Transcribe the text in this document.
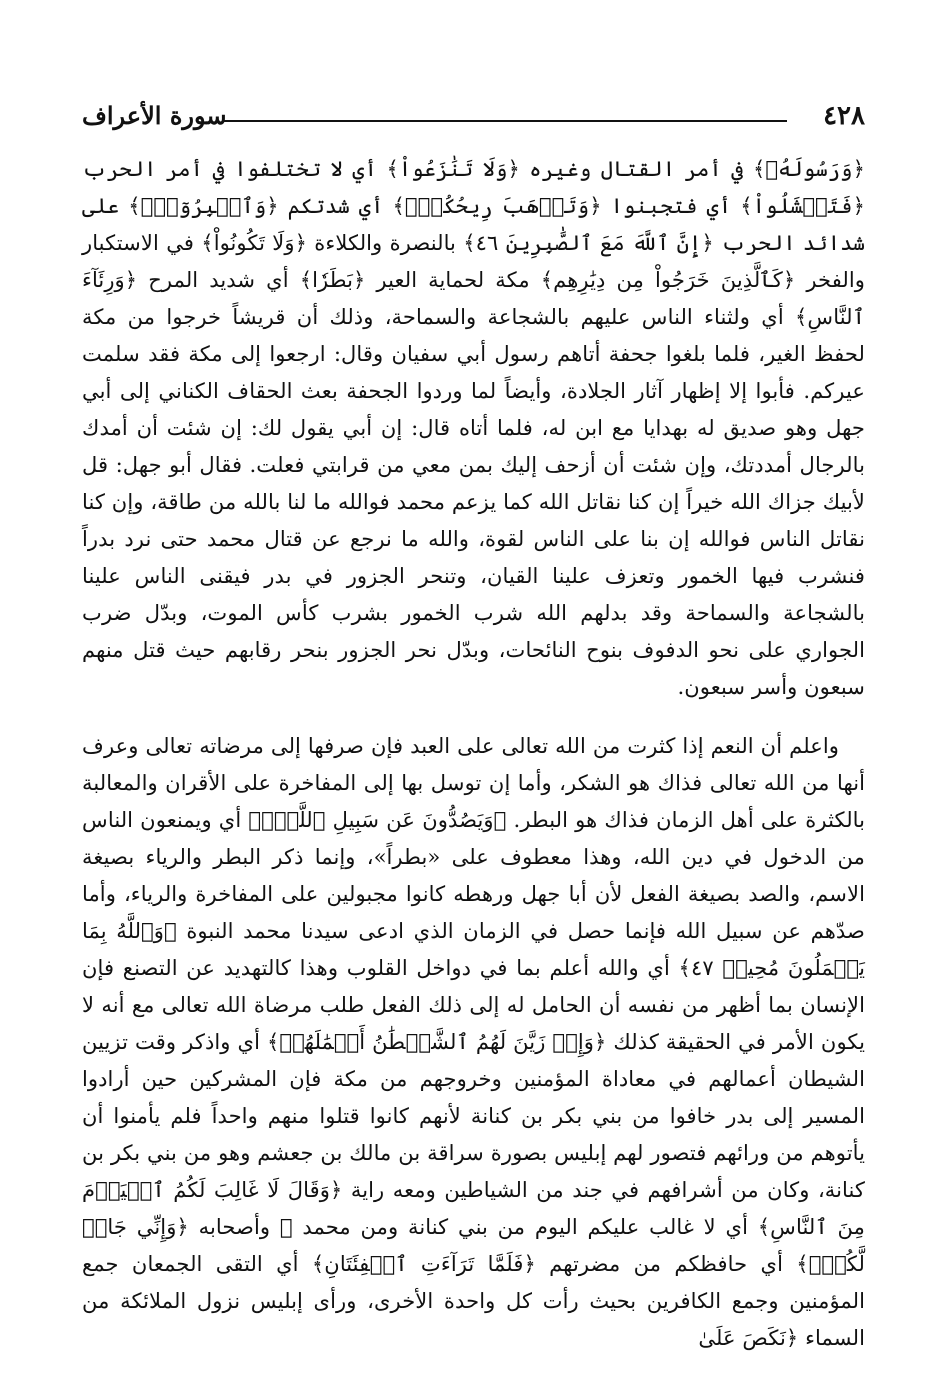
٤٢٨
سورة الأعراف

﴿وَرَسُولَهُۥ﴾ في أمر القتال وغيره ﴿وَلَا تَنَٰزَعُواْ﴾ أي لا تختلفوا في أمر الحرب ﴿فَتَفۡشَلُواْ﴾ أي فتجبنوا ﴿وَتَذۡهَبَ رِيحُكُمۡۖ﴾ أي شدتكم ﴿وَٱصۡبِرُوٓاْۚ﴾ على شدائد الحرب ﴿إِنَّ ٱللَّهَ مَعَ ٱلصَّٰبِرِينَ ٤٦﴾ بالنصرة والكلاءة ﴿وَلَا تَكُونُواْ﴾ في الاستكبار والفخر ﴿كَٱلَّذِينَ خَرَجُواْ مِن دِيَٰرِهِم﴾ مكة لحماية العير ﴿بَطَرٗا﴾ أي شديد المرح ﴿وَرِئَآءَ ٱلنَّاسِ﴾ أي ولثناء الناس عليهم بالشجاعة والسماحة، وذلك أن قريشاً خرجوا من مكة لحفظ الغير، فلما بلغوا جحفة أتاهم رسول أبي سفيان وقال: ارجعوا إلى مكة فقد سلمت عيركم. فأبوا إلا إظهار آثار الجلادة، وأيضاً لما وردوا الجحفة بعث الحقاف الكناني إلى أبي جهل وهو صديق له بهدايا مع ابن له، فلما أتاه قال: إن أبي يقول لك: إن شئت أن أمدك بالرجال أمددتك، وإن شئت أن أزحف إليك بمن معي من قرابتي فعلت. فقال أبو جهل: قل لأبيك جزاك الله خيراً إن كنا نقاتل الله كما يزعم محمد فوالله ما لنا بالله من طاقة، وإن كنا نقاتل الناس فوالله إن بنا على الناس لقوة، والله ما نرجع عن قتال محمد حتى نرد بدراً فنشرب فيها الخمور وتعزف علينا القيان، وتنحر الجزور في بدر فيقنى الناس علينا بالشجاعة والسماحة وقد بدلهم الله شرب الخمور بشرب كأس الموت، وبدّل ضرب الجواري على نحو الدفوف بنوح النائحات، وبدّل نحر الجزور بنحر رقابهم حيث قتل منهم سبعون وأسر سبعون.

واعلم أن النعم إذا كثرت من الله تعالى على العبد فإن صرفها إلى مرضاته تعالى وعرف أنها من الله تعالى فذاك هو الشكر، وأما إن توسل بها إلى المفاخرة على الأقران والمعالبة بالكثرة على أهل الزمان فذاك هو البطر. ﴿وَيَصُدُّونَ عَن سَبِيلِ ٱللَّهِۚ﴾ أي ويمنعون الناس من الدخول في دين الله، وهذا معطوف على «بطراً»، وإنما ذكر البطر والرياء بصيغة الاسم، والصد بصيغة الفعل لأن أبا جهل ورهطه كانوا مجبولين على المفاخرة والرياء، وأما صدّهم عن سبيل الله فإنما حصل في الزمان الذي ادعى سيدنا محمد النبوة ﴿وَٱللَّهُ بِمَا يَعۡمَلُونَ مُحِيطٞ ٤٧﴾ أي والله أعلم بما في دواخل القلوب وهذا كالتهديد عن التصنع فإن الإنسان بما أظهر من نفسه أن الحامل له إلى ذلك الفعل طلب مرضاة الله تعالى مع أنه لا يكون الأمر في الحقيقة كذلك ﴿وَإِذۡ زَيَّنَ لَهُمُ ٱلشَّيۡطَٰنُ أَعۡمَٰلَهُمۡ﴾ أي واذكر وقت تزيين الشيطان أعمالهم في معاداة المؤمنين وخروجهم من مكة فإن المشركين حين أرادوا المسير إلى بدر خافوا من بني بكر بن كنانة لأنهم كانوا قتلوا منهم واحداً فلم يأمنوا أن يأتوهم من ورائهم فتصور لهم إبليس بصورة سراقة بن مالك بن جعشم وهو من بني بكر بن كنانة، وكان من أشرافهم في جند من الشياطين ومعه راية ﴿وَقَالَ لَا غَالِبَ لَكُمُ ٱلۡيَوۡمَ مِنَ ٱلنَّاسِ﴾ أي لا غالب عليكم اليوم من بني كنانة ومن محمد ﷺ وأصحابه ﴿وَإِنِّي جَارٞ لَّكُمۡۖ﴾ أي حافظكم من مضرتهم ﴿فَلَمَّا تَرَآءَتِ ٱلۡفِئَتَانِ﴾ أي التقى الجمعان جمع المؤمنين وجمع الكافرين بحيث رأت كل واحدة الأخرى، ورأى إبليس نزول الملائكة من السماء ﴿نَكَصَ عَلَىٰ
